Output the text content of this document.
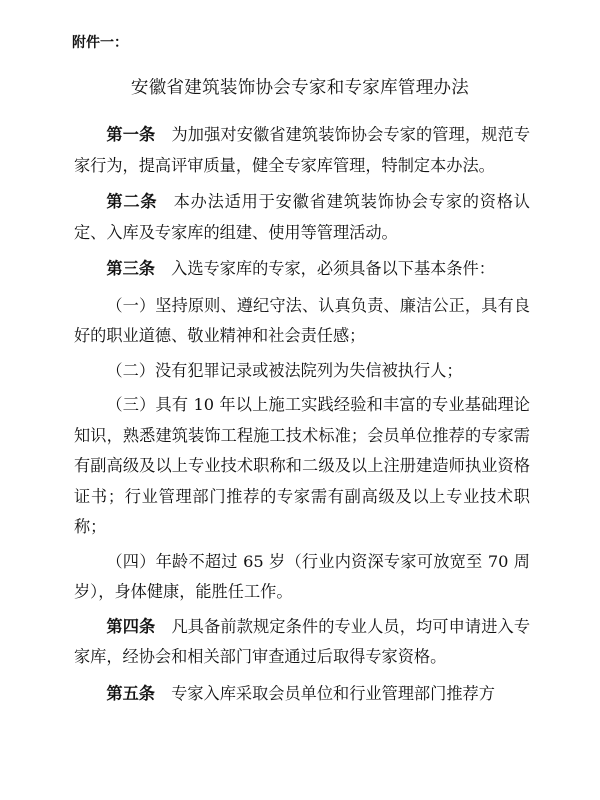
附件一：
安徽省建筑装饰协会专家和专家库管理办法

第一条 为加强对安徽省建筑装饰协会专家的管理，规范专家行为，提高评审质量，健全专家库管理，特制定本办法。

第二条 本办法适用于安徽省建筑装饰协会专家的资格认定、入库及专家库的组建、使用等管理活动。

第三条 入选专家库的专家，必须具备以下基本条件：

（一）坚持原则、遵纪守法、认真负责、廉洁公正，具有良好的职业道德、敬业精神和社会责任感；

（二）没有犯罪记录或被法院列为失信被执行人；

（三）具有 10 年以上施工实践经验和丰富的专业基础理论知识，熟悉建筑装饰工程施工技术标准；会员单位推荐的专家需有副高级及以上专业技术职称和二级及以上注册建造师执业资格证书；行业管理部门推荐的专家需有副高级及以上专业技术职称；

（四）年龄不超过 65 岁（行业内资深专家可放宽至 70 周岁），身体健康，能胜任工作。

第四条 凡具备前款规定条件的专业人员，均可申请进入专家库，经协会和相关部门审查通过后取得专家资格。

第五条 专家入库采取会员单位和行业管理部门推荐方
